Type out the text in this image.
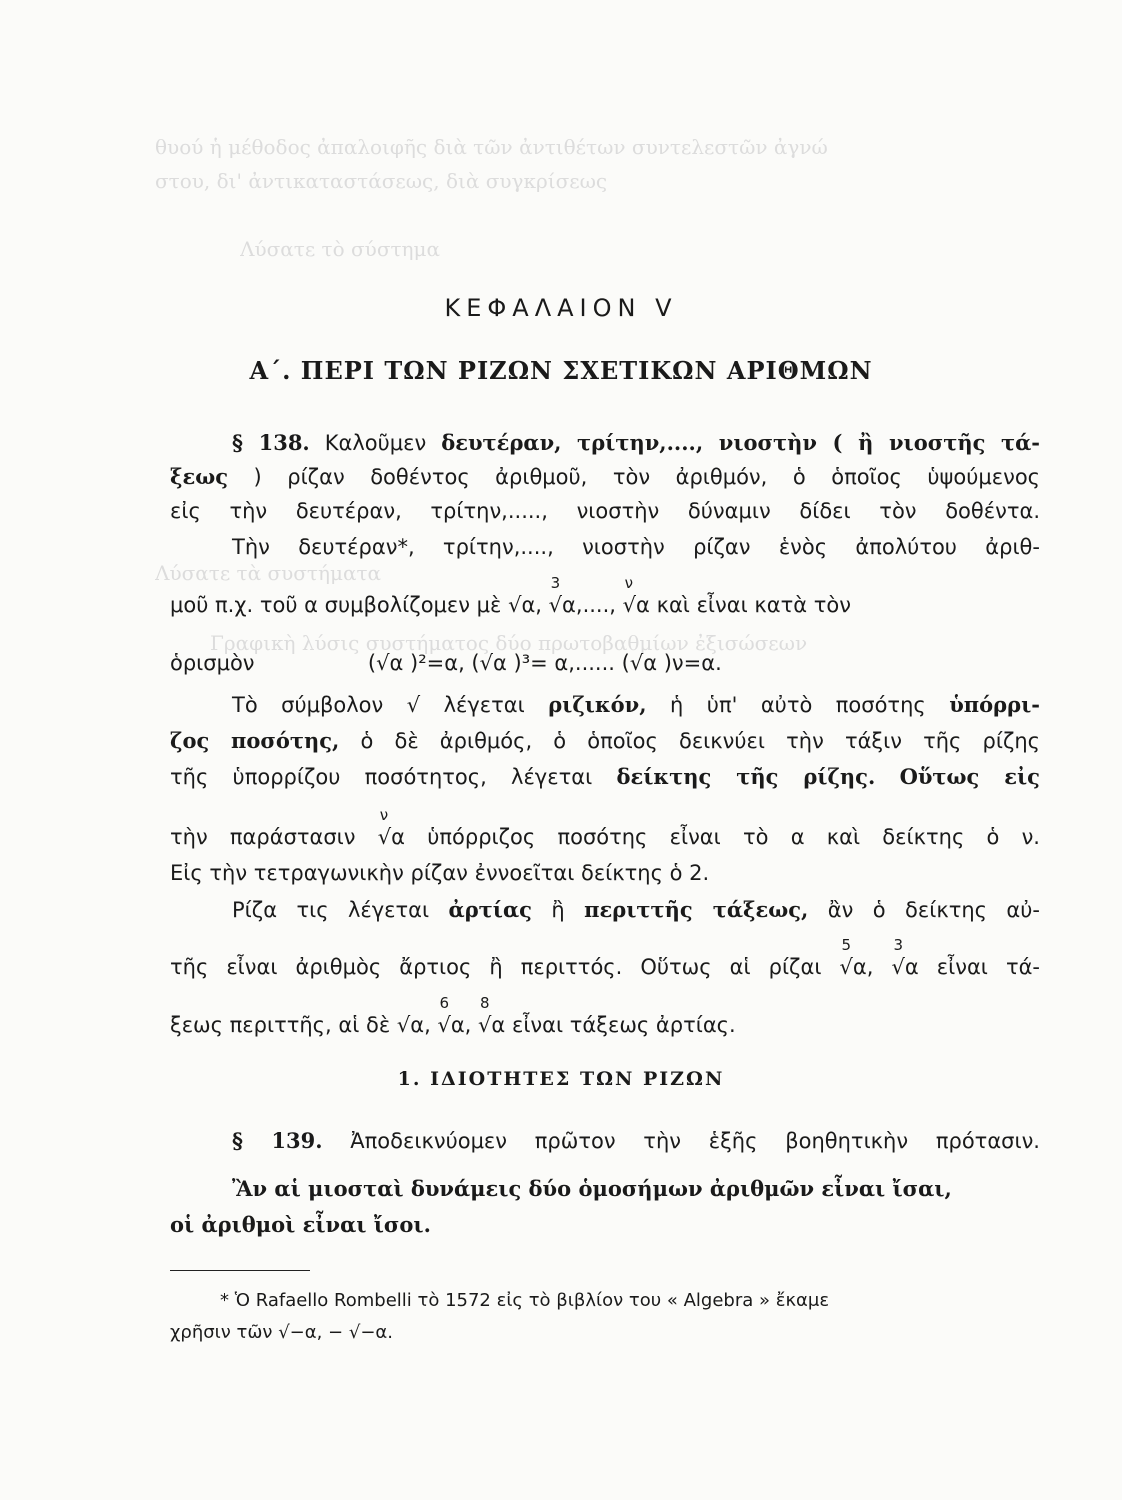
θυού ἡ μέθοδος ἀπαλοιφῆς διὰ τῶν ἀντιθέτων συντελεστῶν ἀγνώ
στου, δι' ἀντικαταστάσεως, διὰ συγκρίσεως
Λύσατε τὸ σύστημα
Λύσατε τὰ συστήματα
Γραφικὴ λύσις συστήματος δύο πρωτοβαθμίων ἐξισώσεων
ΚΕΦΑΛΑΙΟΝ V
Α΄. ΠΕΡΙ ΤΩΝ ΡΙΖΩΝ ΣΧΕΤΙΚΩΝ ΑΡΙΘΜΩΝ
§ 138. Καλοῦμεν δευτέραν, τρίτην,...., νιοστὴν ( ἢ νιοστῆς τά-
ξεως ) ρίζαν δοθέντος ἀριθμοῦ, τὸν ἀριθμόν, ὁ ὁποῖος ὑψούμενος
εἰς τὴν δευτέραν, τρίτην,....., νιοστὴν δύναμιν δίδει τὸν δοθέντα.
Τὴν δευτέραν*, τρίτην,...., νιοστὴν ρίζαν ἑνὸς ἀπολύτου ἀριθ-
μοῦ π.χ. τοῦ α συμβολίζομεν μὲ √α,
3
√α,....,
ν
√α καὶ εἶναι κατὰ τὸν
ὁρισμὸν	(√α )²=α, (√α )³= α,...... (√α )ν=α.
Τὸ σύμβολον √ λέγεται ριζικόν, ἡ ὑπ' αὐτὸ ποσότης ὑπόρρι-
ζος ποσότης, ὁ δὲ ἀριθμός, ὁ ὁποῖος δεικνύει τὴν τάξιν τῆς ρίζης
τῆς ὑπορρίζου ποσότητος, λέγεται δείκτης τῆς ρίζης. Οὕτως εἰς
τὴν παράστασιν
ν
√α ὑπόρριζος ποσότης εἶναι τὸ α καὶ δείκτης ὁ ν.
Εἰς τὴν τετραγωνικὴν ρίζαν ἐννοεῖται δείκτης ὁ 2.
Ρίζα τις λέγεται ἀρτίας ἢ περιττῆς τάξεως, ἂν ὁ δείκτης αὐ-
τῆς εἶναι ἀριθμὸς ἄρτιος ἢ περιττός. Οὕτως αἱ ρίζαι
5
√α,
3
√α εἶναι τά-
ξεως περιττῆς, αἱ δὲ √α,
6
√α,
8
√α εἶναι τάξεως ἀρτίας.
1. ΙΔΙΟΤΗΤΕΣ ΤΩΝ ΡΙΖΩΝ
§ 139. Ἀποδεικνύομεν πρῶτον τὴν ἑξῆς βοηθητικὴν πρότασιν.
Ἂν αἱ μιοσταὶ δυνάμεις δύο ὁμοσήμων ἀριθμῶν εἶναι ἴσαι,
οἱ ἀριθμοὶ εἶναι ἴσοι.
* Ὁ Rafaello Rombelli τὸ 1572 εἰς τὸ βιβλίον του « Algebra » ἔκαμε
χρῆσιν τῶν √−α, − √−α.
